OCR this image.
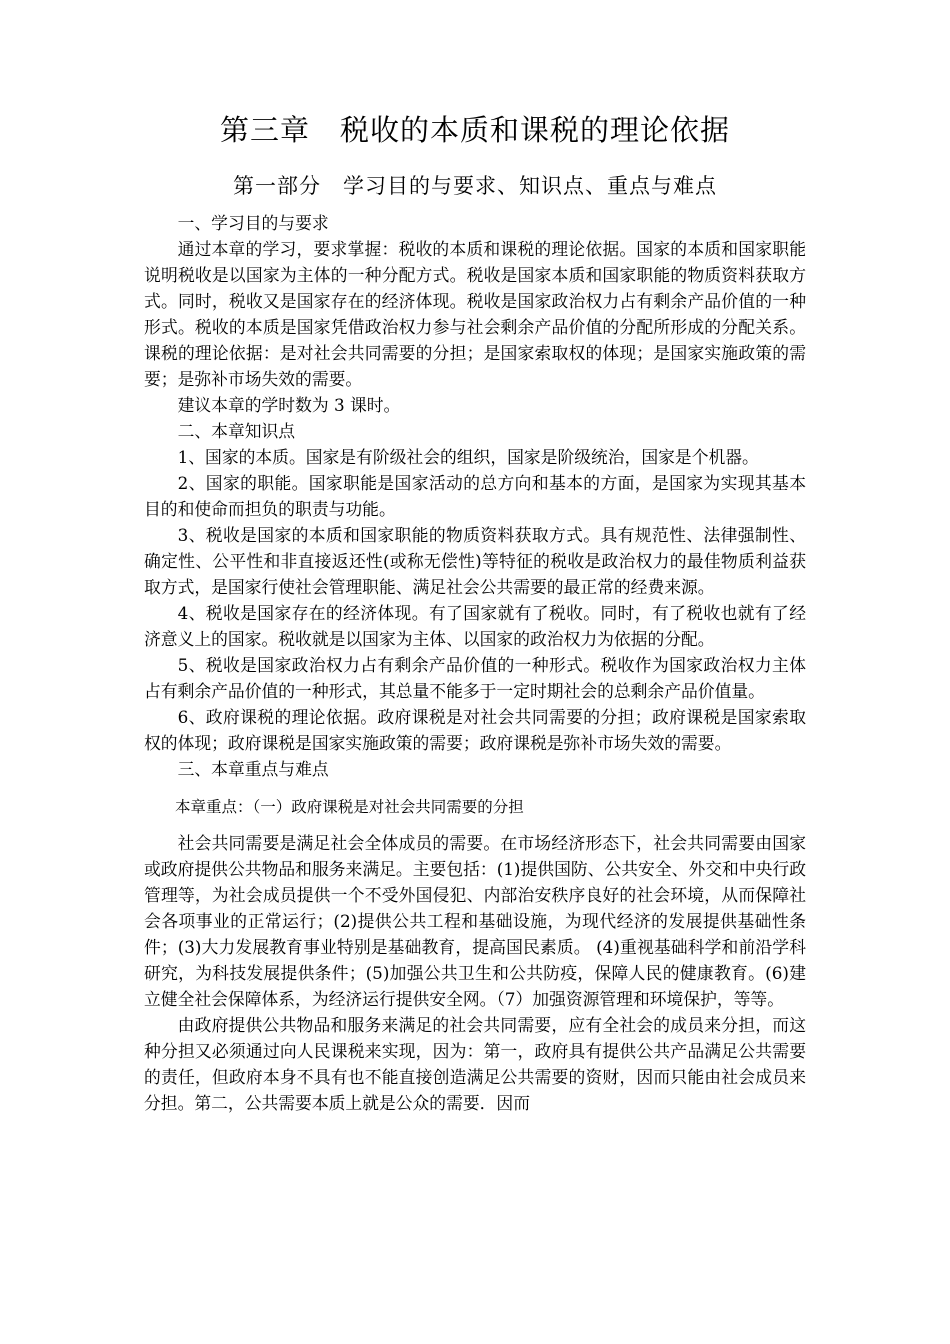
第三章　税收的本质和课税的理论依据
第一部分　学习目的与要求、知识点、重点与难点

一、学习目的与要求

通过本章的学习，要求掌握：税收的本质和课税的理论依据。国家的本质和国家职能说明税收是以国家为主体的一种分配方式。税收是国家本质和国家职能的物质资料获取方式。同时，税收又是国家存在的经济体现。税收是国家政治权力占有剩余产品价值的一种形式。税收的本质是国家凭借政治权力参与社会剩余产品价值的分配所形成的分配关系。课税的理论依据：是对社会共同需要的分担；是国家索取权的体现；是国家实施政策的需要；是弥补市场失效的需要。

建议本章的学时数为 3 课时。

二、本章知识点

1、国家的本质。国家是有阶级社会的组织，国家是阶级统治，国家是个机器。

2、国家的职能。国家职能是国家活动的总方向和基本的方面，是国家为实现其基本目的和使命而担负的职责与功能。

3、税收是国家的本质和国家职能的物质资料获取方式。具有规范性、法律强制性、确定性、公平性和非直接返还性(或称无偿性)等特征的税收是政治权力的最佳物质利益获取方式，是国家行使社会管理职能、满足社会公共需要的最正常的经费来源。

4、税收是国家存在的经济体现。有了国家就有了税收。同时，有了税收也就有了经济意义上的国家。税收就是以国家为主体、以国家的政治权力为依据的分配。

5、税收是国家政治权力占有剩余产品价值的一种形式。税收作为国家政治权力主体占有剩余产品价值的一种形式，其总量不能多于一定时期社会的总剩余产品价值量。

6、政府课税的理论依据。政府课税是对社会共同需要的分担；政府课税是国家索取权的体现；政府课税是国家实施政策的需要；政府课税是弥补市场失效的需要。

三、本章重点与难点

本章重点：（一）政府课税是对社会共同需要的分担

社会共同需要是满足社会全体成员的需要。在市场经济形态下，社会共同需要由国家或政府提供公共物品和服务来满足。主要包括：(1)提供国防、公共安全、外交和中央行政管理等，为社会成员提供一个不受外国侵犯、内部治安秩序良好的社会环境，从而保障社会各项事业的正常运行；(2)提供公共工程和基础设施，为现代经济的发展提供基础性条件；(3)大力发展教育事业特别是基础教育，提高国民素质。 (4)重视基础科学和前沿学科研究，为科技发展提供条件；(5)加强公共卫生和公共防疫，保障人民的健康教育。(6)建立健全社会保障体系，为经济运行提供安全网。（7）加强资源管理和环境保护，等等。

由政府提供公共物品和服务来满足的社会共同需要，应有全社会的成员来分担，而这种分担又必须通过向人民课税来实现，因为：第一，政府具有提供公共产品满足公共需要的责任，但政府本身不具有也不能直接创造满足公共需要的资财，因而只能由社会成员来分担。第二，公共需要本质上就是公众的需要．因而
